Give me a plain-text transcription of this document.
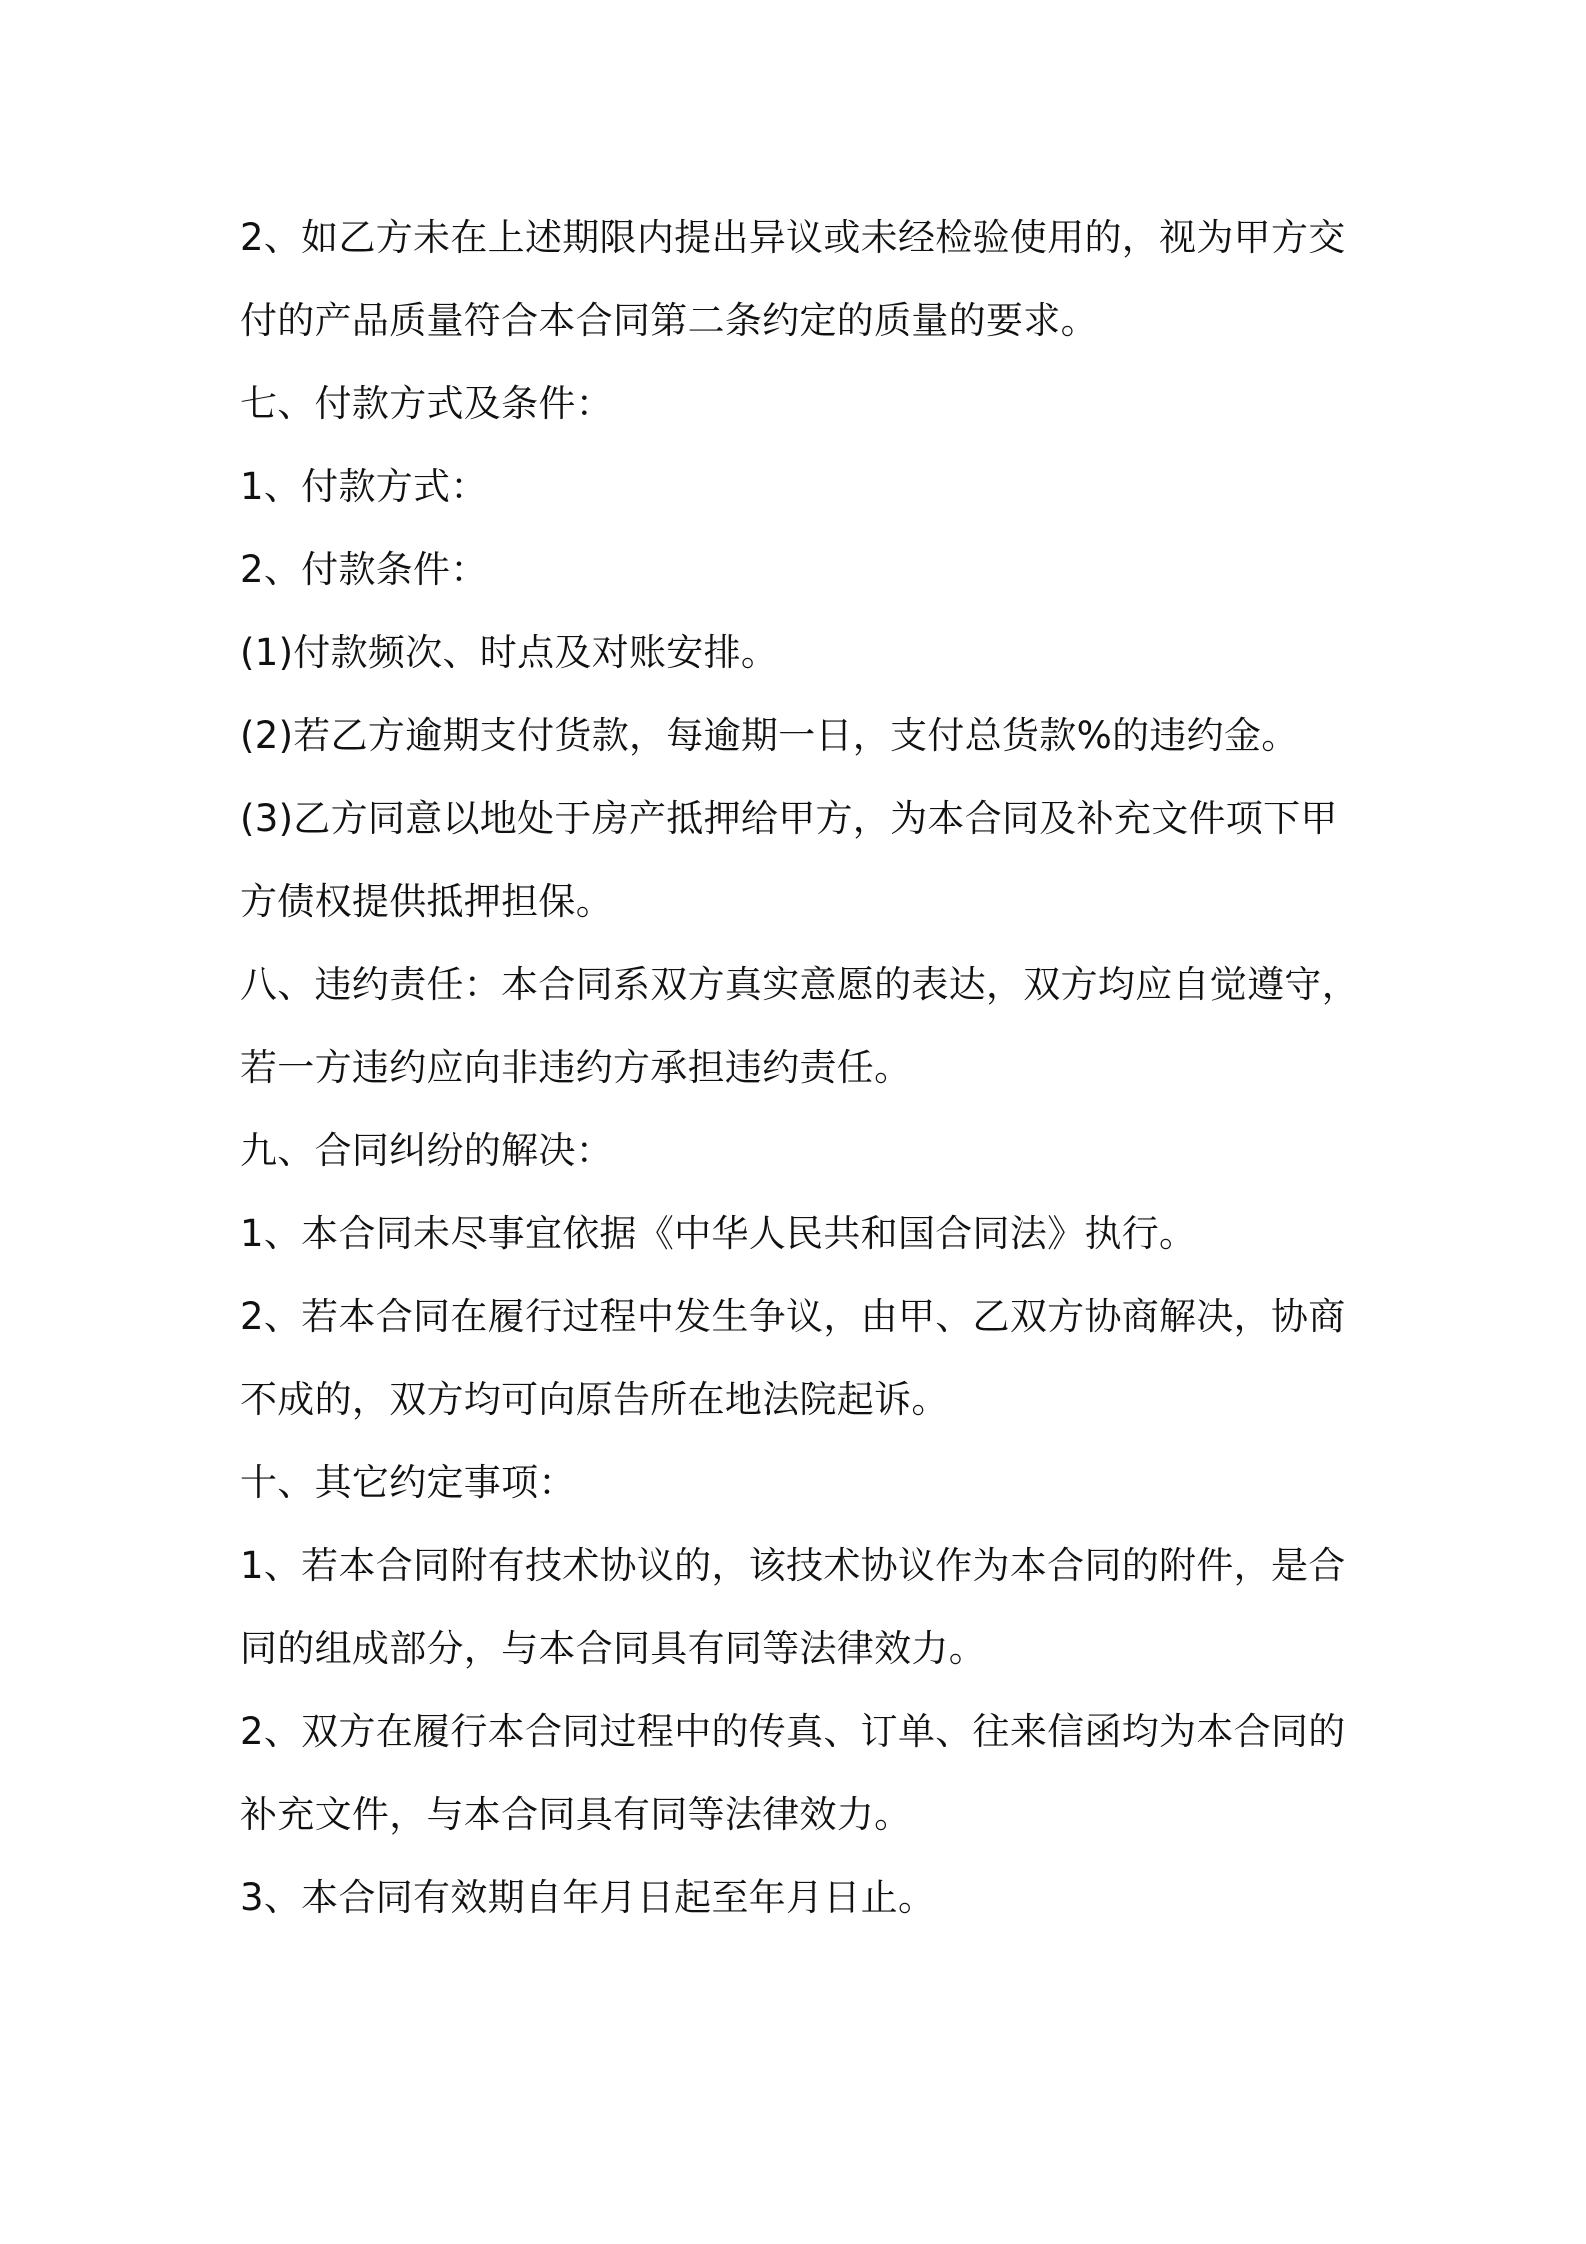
2、如乙方未在上述期限内提出异议或未经检验使用的，视为甲方交
付的产品质量符合本合同第二条约定的质量的要求。
七、付款方式及条件：
1、付款方式：
2、付款条件：
(1)付款频次、时点及对账安排。
(2)若乙方逾期支付货款，每逾期一日，支付总货款%的违约金。
(3)乙方同意以地处于房产抵押给甲方，为本合同及补充文件项下甲
方债权提供抵押担保。
八、违约责任：本合同系双方真实意愿的表达，双方均应自觉遵守，
若一方违约应向非违约方承担违约责任。
九、合同纠纷的解决：
1、本合同未尽事宜依据《中华人民共和国合同法》执行。
2、若本合同在履行过程中发生争议，由甲、乙双方协商解决，协商
不成的，双方均可向原告所在地法院起诉。
十、其它约定事项：
1、若本合同附有技术协议的，该技术协议作为本合同的附件，是合
同的组成部分，与本合同具有同等法律效力。
2、双方在履行本合同过程中的传真、订单、往来信函均为本合同的
补充文件，与本合同具有同等法律效力。
3、本合同有效期自年月日起至年月日止。
